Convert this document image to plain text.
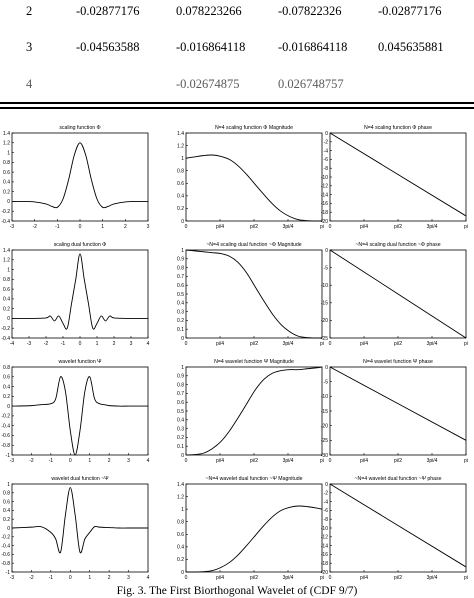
2	-0.02877176	0.078223266	-0.07822326	-0.02877176
3	-0.04563588	-0.016864118	-0.016864118 0.045635881
4	-0.02674875	0.026748757
scaling function Φ
-3	-2	-1	0	1	2	3
-0.4
-0.2
0
0.2
0.4
0.6
0.8
1
1.2
1.4
N=4 scaling function Φ Magnitude
0	pi/4	pi/2	3pi/4	pi
0
0.2
0.4
0.6
0.8
1
1.2
1.4
N=4 scaling function Φ phase
0	pi/4	pi/2	3pi/4	pi
-20
-18
-16
-14
-12
-10
-8
-6
-4
-2
0
scaling dual function Φ
-4	-3	-2	-1	0	1	2	3	4
-0.4
-0.2
0
0.2
0.4
0.6
0.8
1
1.2
1.4
~N=4 scaling dual function ~Φ Magnitude
0	pi/4	pi/2	3pi/4	pi
0
0.1
0.2
0.3
0.4
0.5
0.6
0.7
0.8
0.9
1
~N=4 scaling dual function ~Φ phase
0	pi/4	pi/2	3pi/4	pi
-25
-20
-15
-10
-5
0
wavelet function Ψ
-3	-2	-1	0	1	2	3	4
-1
-0.8
-0.6
-0.4
-0.2
0
0.2
0.4
0.6
0.8
N=4 wavelet function Ψ Magnitude
0	pi/4	pi/2	3pi/4	pi
0
0.1
0.2
0.3
0.4
0.5
0.6
0.7
0.8
0.9
1
N=4 wavelet function Ψ phase
0	pi/4	pi/2	3pi/4	pi
-30
-25
-20
-15
-10
-5
0
wavelet dual function ~Ψ
-3	-2	-1	0	1	2	3	4
-1
-0.8
-0.6
-0.4
-0.2
0
0.2
0.4
0.6
0.8
1
~N=4 wavelet dual function ~Ψ Magnitude
0	pi/4	pi/2	3pi/4	pi
0
0.2
0.4
0.6
0.8
1
1.2
1.4
~N=4 wavelet dual function ~Ψ phase
0	pi/4	pi/2	3pi/4	pi
-20
-18
-16
-14
-12
-10
-8
-6
-4
-2
0
Fig. 3. The First Biorthogonal Wavelet of (CDF 9/7)
